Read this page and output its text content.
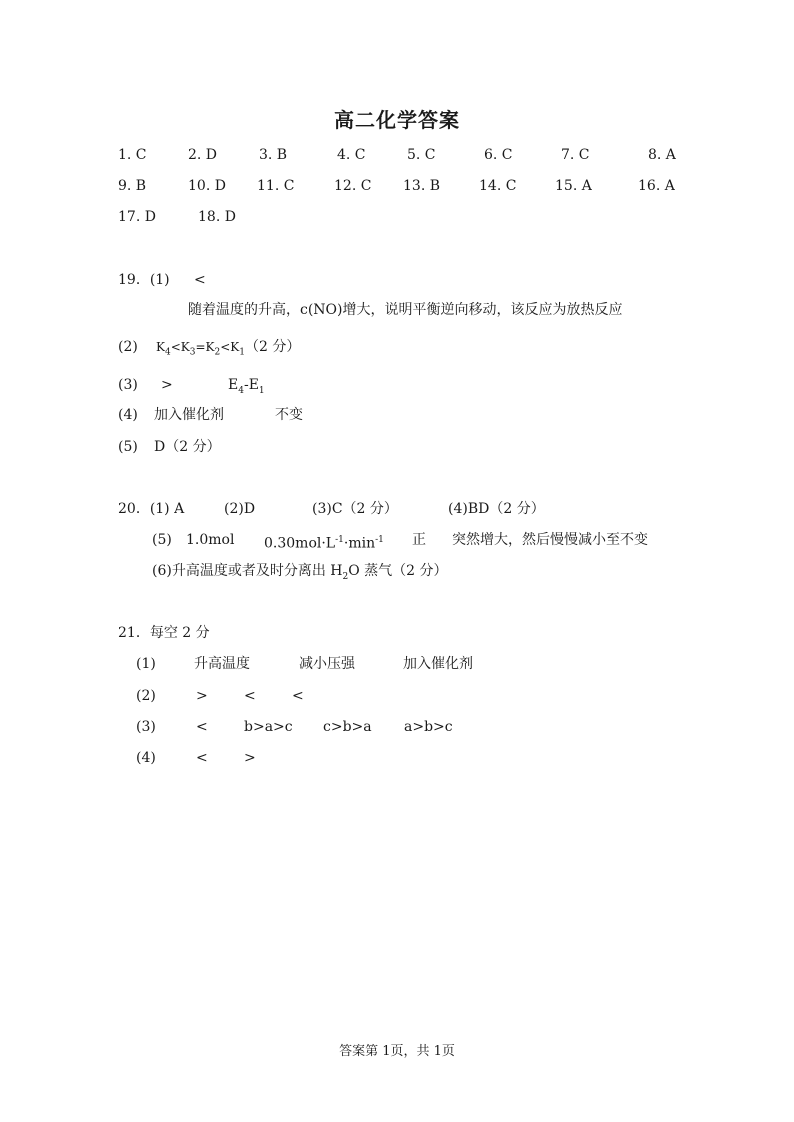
高二化学答案
1. C	2. D	3. B	4. C	5. C	6. C	7. C	8. A
9. B	10. D 11. C	12. C 13. B	14. C	15. A	16. A
17. D	18. D
19．(1) <
随着温度的升高，c(NO)增大，说明平衡逆向移动，该反应为放热反应
(2) $K_4<K_3=K_2<K_1(2$ 分）
(3) >	$E_4-E_1$
(4) 加入催化剂	不变
(5) D（2 分）
20．(1) A	(2)D	(3)C（2 分）	(4)BD（2 分）
(5) 1.0mol $0.30mol\cdot L^{-1}\cdot\min^{-1}$ 正 突然增大，然后慢慢减小至不变
(6)升高温度或者及时分离出 $H_2O$ 蒸气（2 分）
21．每空 2 分
(1)	升高温度	减小压强	加入催化剂
(2)	>	<	<
(3)	<	b>a>c c>b>a a>b>c
(4)	<	>
答案第 1页，共 1页
